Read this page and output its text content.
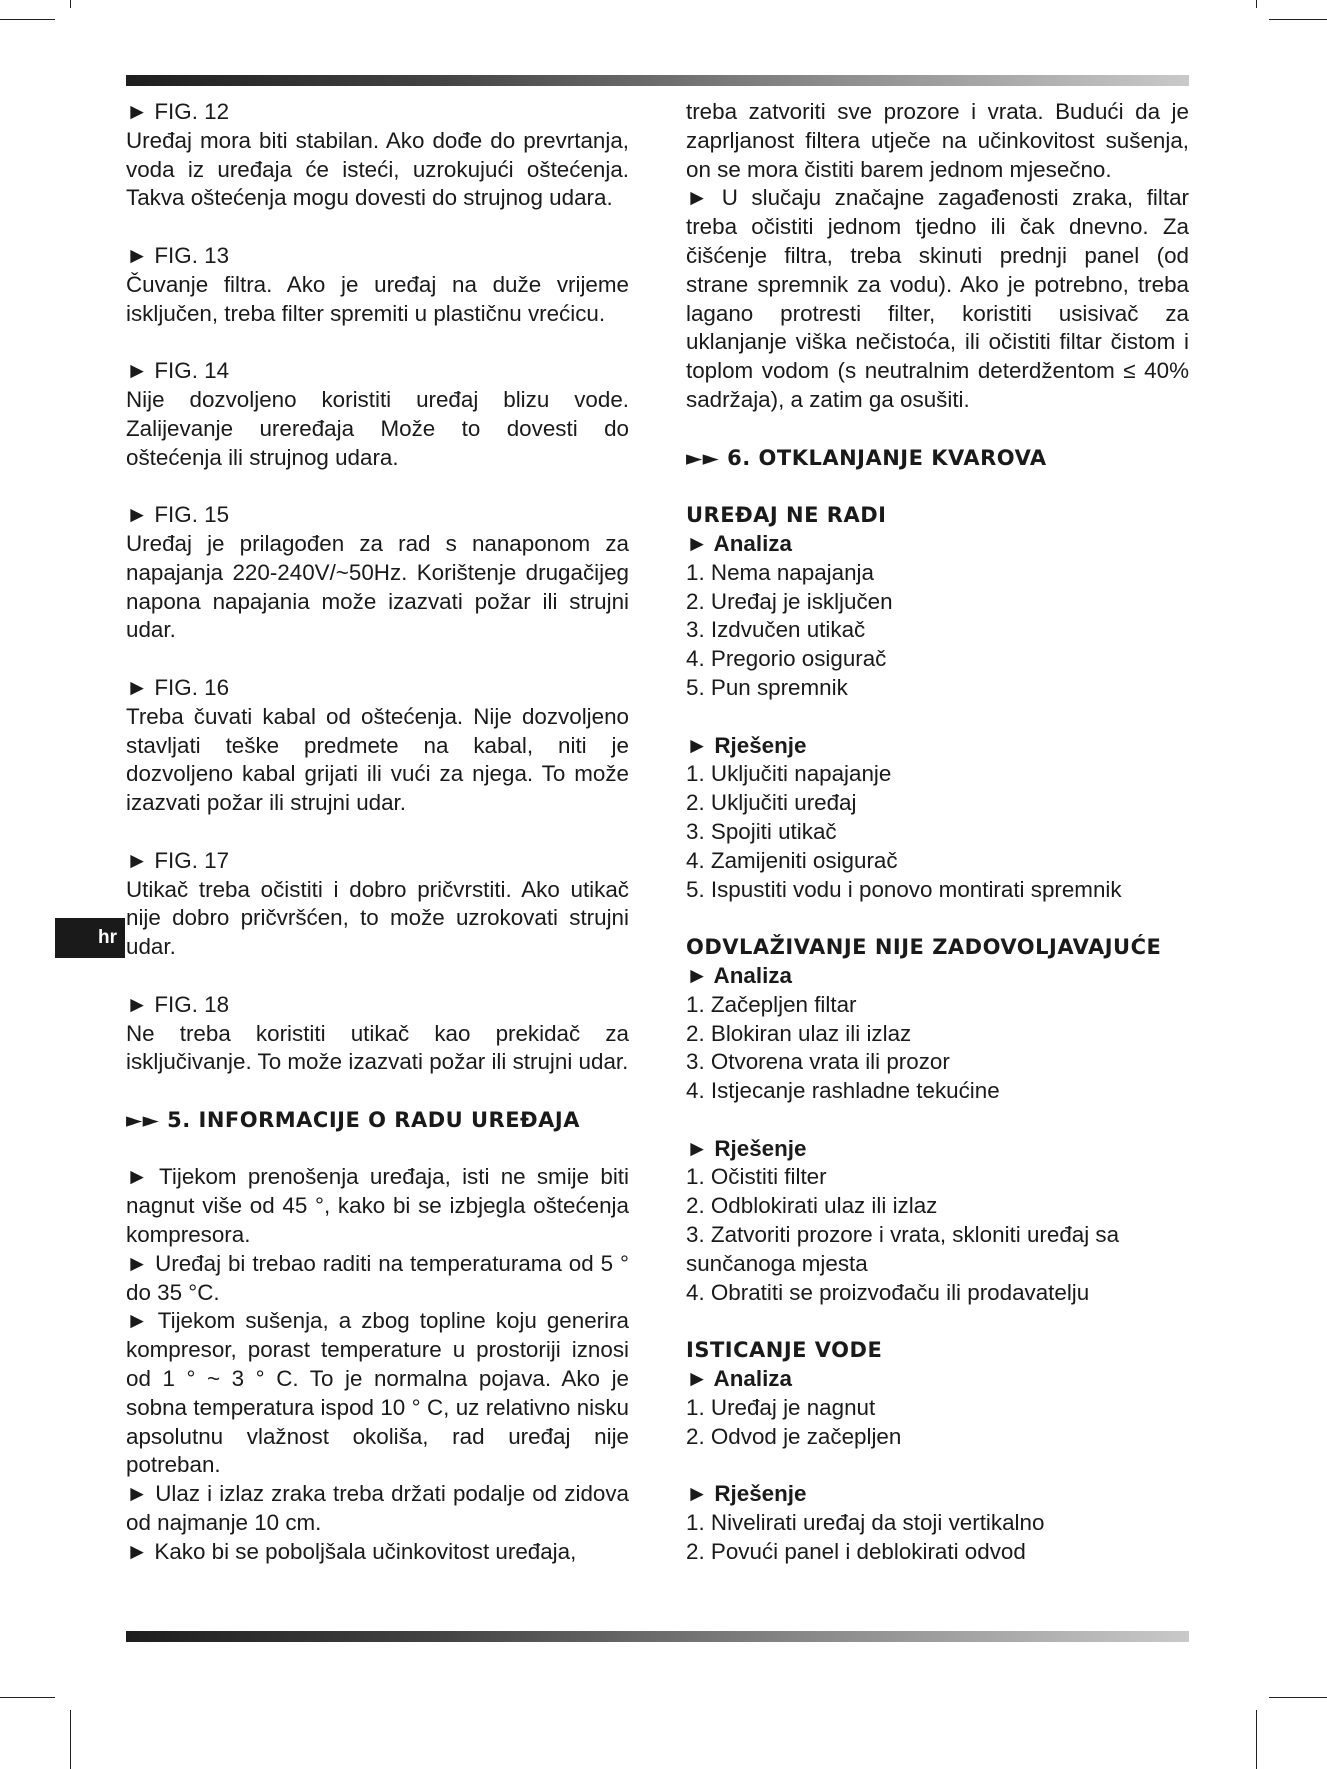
hr

► FIG. 12

Uređaj mora biti stabilan. Ako dođe do prevrtanja, voda iz uređaja će isteći, uzrokujući oštećenja. Takva oštećenja mogu dovesti do strujnog udara.

► FIG. 13

Čuvanje filtra. Ako je uređaj na duže vrijeme isključen, treba filter spremiti u plastičnu vrećicu.

► FIG. 14

Nije dozvoljeno koristiti uređaj blizu vode. Zalijevanje urеređaja Može to dovesti do oštećenja ili strujnog udara.

► FIG. 15

Uređaj je prilagođen za rad s nanaponom za napajanja 220-240V/~50Hz. Korištenje drugačijeg napona napajania može izazvati požar ili strujni udar.

► FIG. 16

Treba čuvati kabal od oštećenja. Nije dozvoljeno stavljati teške predmete na kabal, niti je dozvoljeno kabal grijati ili vući za njega. To može izazvati požar ili strujni udar.

► FIG. 17

Utikač treba očistiti i dobro pričvrstiti. Ako utikač nije dobro pričvršćen, to može uzrokovati strujni udar.

► FIG. 18

Ne treba koristiti utikač kao prekidač za isključivanje. To može izazvati požar ili strujni udar.

►► 5. INFORMACIJE O RADU UREĐAJA

► Tijekom prenošenja uređaja, isti ne smije biti nagnut više od 45 °, kako bi se izbjegla oštećenja kompresora.

► Uređaj bi trebao raditi na temperaturama od 5 ° do 35 °C.

► Tijekom sušenja, a zbog topline koju generira kompresor, porast temperature u prostoriji iznosi od 1 ° ~ 3 ° C. To je normalna pojava. Ako je sobna temperatura ispod 10 ° C, uz relativno nisku apsolutnu vlažnost okoliša, rad uređaj nije potreban.

► Ulaz i izlaz zraka treba držati podalje od zidova od najmanje 10 cm.

► Kako bi se poboljšala učinkovitost uređaja,

treba zatvoriti sve prozore i vrata. Budući da je zaprljanost filtera utječe na učinkovitost sušenja, on se mora čistiti barem jednom mjesečno.

► U slučaju značajne zagađenosti zraka, filtar treba očistiti jednom tjedno ili čak dnevno. Za čišćenje filtra, treba skinuti prednji panel (od strane spremnik za vodu). Ako je potrebno, treba lagano protresti filter, koristiti usisivač za uklanjanje viška nečistoća, ili očistiti filtar čistom i toplom vodom (s neutralnim deterdžentom ≤ 40% sadržaja), a zatim ga osušiti.

►► 6. OTKLANJANJE KVAROVA

UREĐAJ NE RADI

► Analiza

1. Nema napajanja

2. Uređaj je isključen

3. Izdvučen utikač

4. Pregorio osigurač

5. Pun spremnik

► Rješenje

1. Uključiti napajanje

2. Uključiti uređaj

3. Spojiti utikač

4. Zamijeniti osigurač

5. Ispustiti vodu i ponovo montirati spremnik

ODVLAŽIVANJE NIJE ZADOVOLJAVAJUĆE

► Analiza

1. Začepljen filtar

2. Blokiran ulaz ili izlaz

3. Otvorena vrata ili prozor

4. Istjecanje rashladne tekućine

► Rješenje

1. Očistiti filter

2. Odblokirati ulaz ili izlaz

3. Zatvoriti prozore i vrata, skloniti uređaj sa sunčanoga mjesta

4. Obratiti se proizvođaču ili prodavatelju

ISTICANJE VODE

► Analiza

1. Uređaj je nagnut

2. Odvod je začepljen

► Rješenje

1. Nivelirati uređaj da stoji vertikalno

2. Povući panel i deblokirati odvod
